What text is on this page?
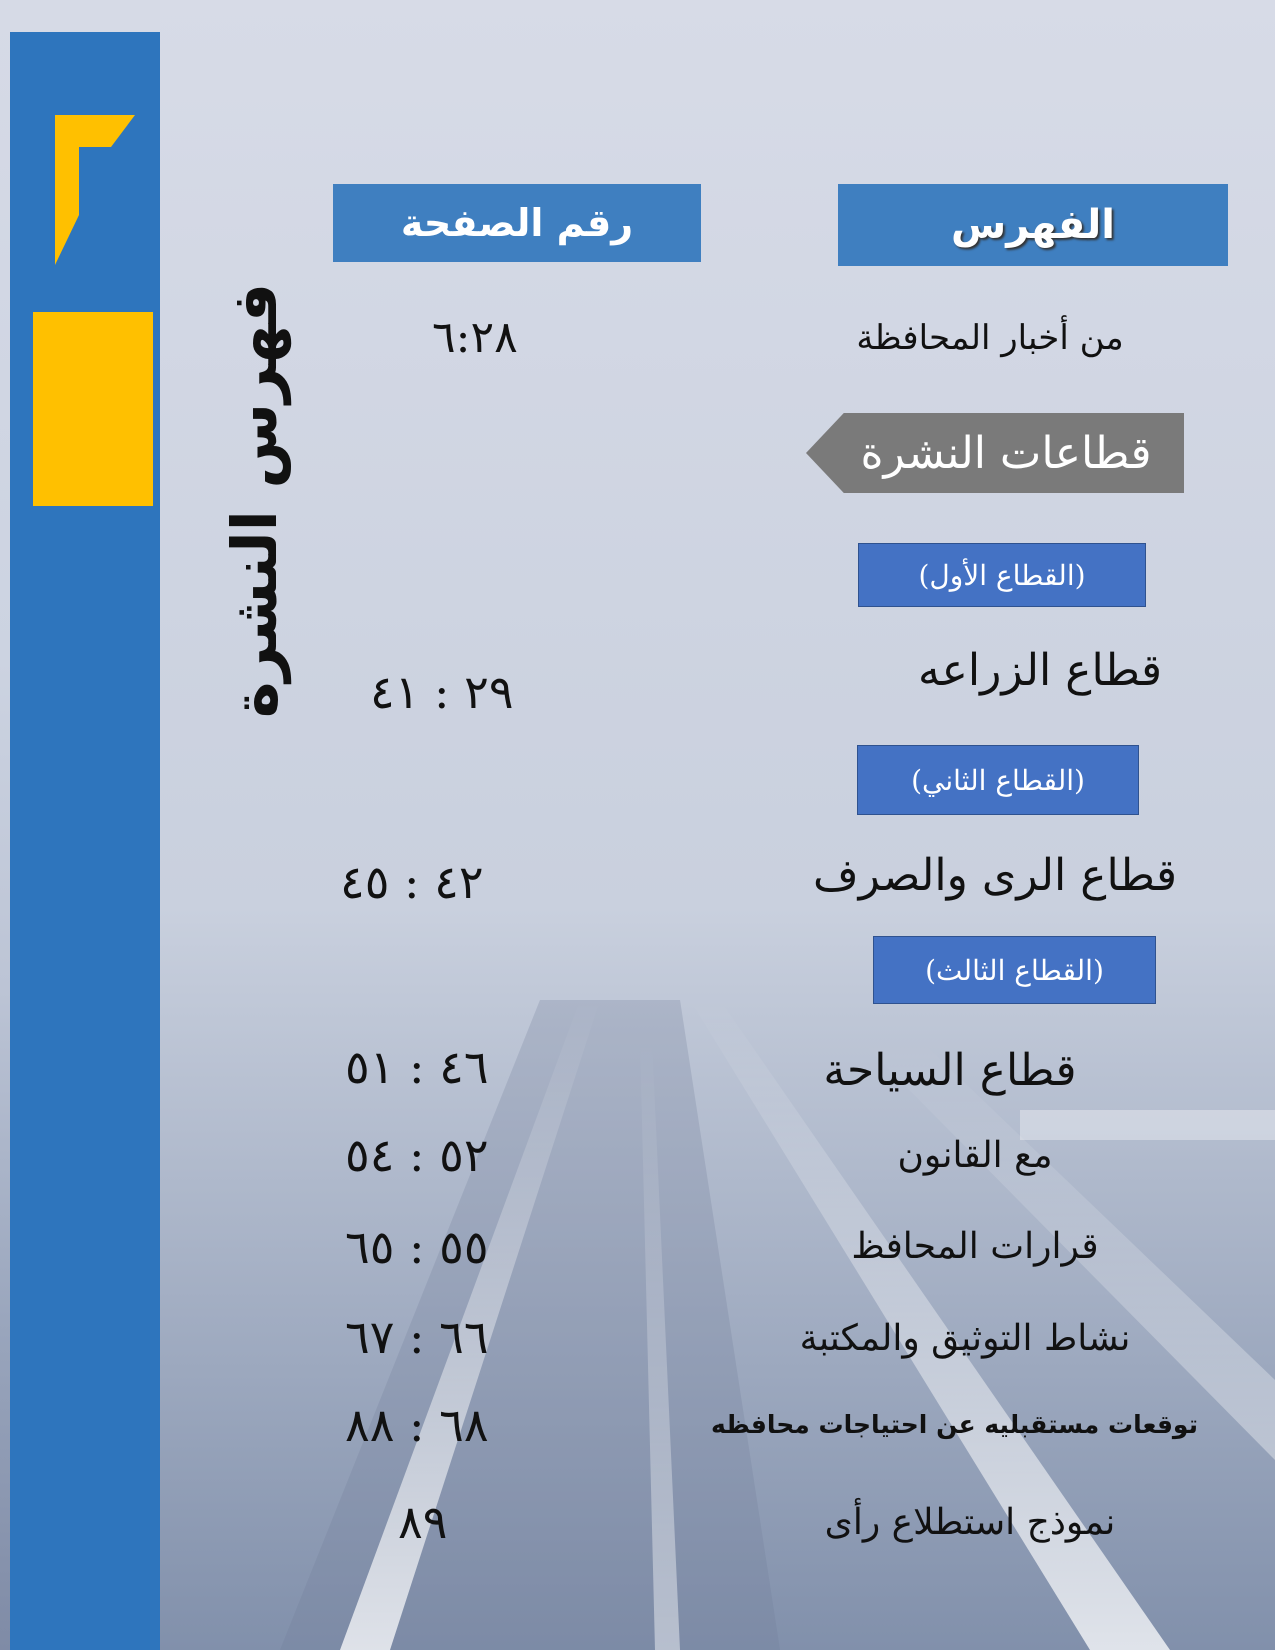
فهرس النشرة
الفهرس
رقم الصفحة
من أخبار المحافظة
٦:٢٨
قطاعات النشرة
(القطاع الأول)
قطاع الزراعه
٢٩ : ٤١
(القطاع الثاني)
قطاع الرى والصرف
٤٢ : ٤٥
(القطاع الثالث)
قطاع السياحة
٤٦ : ٥١
مع القانون
٥٢ : ٥٤
قرارات المحافظ
٥٥ : ٦٥
نشاط التوثيق والمكتبة
٦٦ : ٦٧
توقعات مستقبليه عن احتياجات محافظه
٦٨ : ٨٨
نموذج استطلاع رأى
٨٩
